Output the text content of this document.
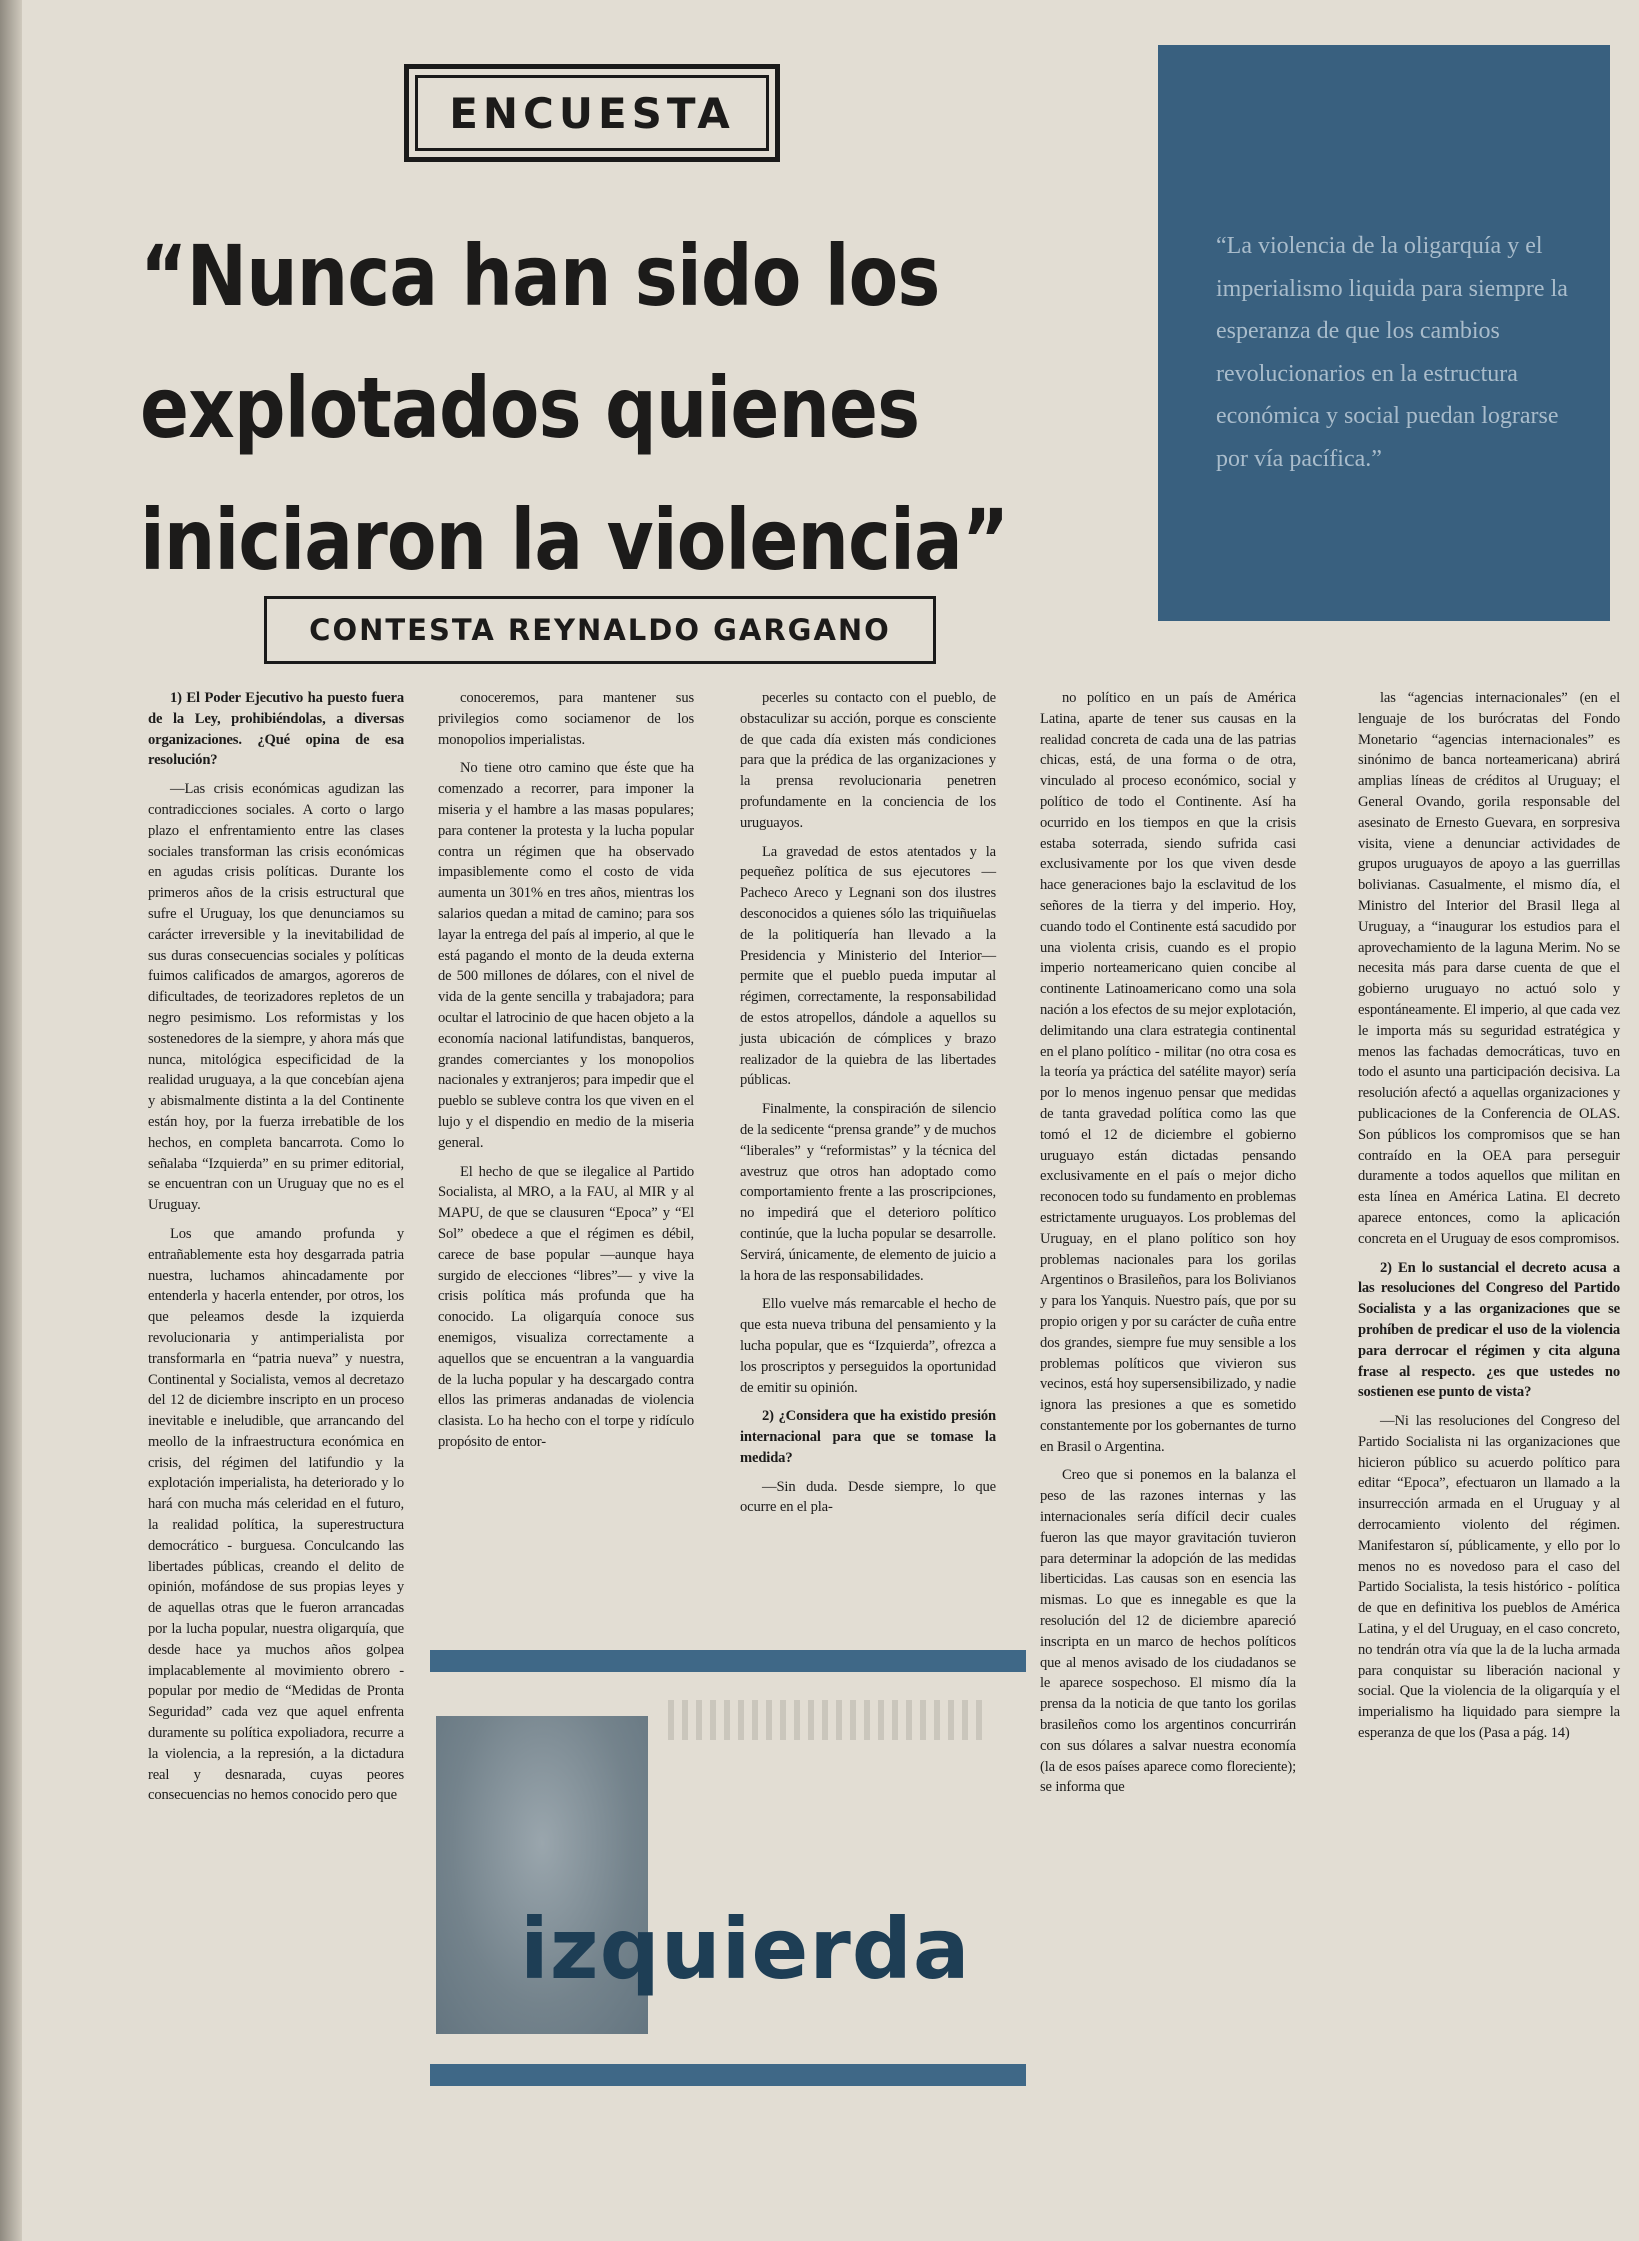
ENCUESTA
“Nunca han sido los
explotados quienes
iniciaron la violencia”
“La violencia de la oligarquía y el imperialismo liquida para siempre la esperanza de que los cambios revolucionarios en la estructura económica y social puedan lograrse por vía pacífica.”
CONTESTA REYNALDO GARGANO

1) El Poder Ejecutivo ha puesto fuera de la Ley, prohibiéndolas, a diversas organizaciones. ¿Qué opina de esa resolución?

—Las crisis económicas agudizan las contradicciones sociales. A corto o largo plazo el enfrentamiento entre las clases sociales transforman las crisis económicas en agudas crisis políticas. Durante los primeros años de la crisis estructural que sufre el Uruguay, los que denunciamos su carácter irreversible y la inevitabilidad de sus duras consecuencias sociales y políticas fuimos calificados de amargos, agoreros de dificultades, de teorizadores repletos de un negro pesimismo. Los reformistas y los sostenedores de la siempre, y ahora más que nunca, mitológica especificidad de la realidad uruguaya, a la que concebían ajena y abismalmente distinta a la del Continente están hoy, por la fuerza irrebatible de los hechos, en completa bancarrota. Como lo señalaba “Izquierda” en su primer editorial, se encuentran con un Uruguay que no es el Uruguay.

Los que amando profunda y entrañablemente esta hoy desgarrada patria nuestra, luchamos ahincadamente por entenderla y hacerla entender, por otros, los que peleamos desde la izquierda revolucionaria y antimperialista por transformarla en “patria nueva” y nuestra, Continental y Socialista, vemos al decretazo del 12 de diciembre inscripto en un proceso inevitable e ineludible, que arrancando del meollo de la infraestructura económica en crisis, del régimen del latifundio y la explotación imperialista, ha deteriorado y lo hará con mucha más celeridad en el futuro, la realidad política, la superestructura democrático - burguesa. Conculcando las libertades públicas, creando el delito de opinión, mofándose de sus propias leyes y de aquellas otras que le fueron arrancadas por la lucha popular, nuestra oligarquía, que desde hace ya muchos años golpea implacablemente al movimiento obrero - popular por medio de “Medidas de Pronta Seguridad” cada vez que aquel enfrenta duramente su política expoliadora, recurre a la violencia, a la represión, a la dictadura real y desnarada, cuyas peores consecuencias no hemos conocido pero que

conoceremos, para mantener sus privilegios como sociamenor de los monopolios imperialistas.

No tiene otro camino que éste que ha comenzado a recorrer, para imponer la miseria y el hambre a las masas populares; para contener la protesta y la lucha popular contra un régimen que ha observado impasiblemente como el costo de vida aumenta un 301% en tres años, mientras los salarios quedan a mitad de camino; para sos layar la entrega del país al imperio, al que le está pagando el monto de la deuda externa de 500 millones de dólares, con el nivel de vida de la gente sencilla y trabajadora; para ocultar el latrocinio de que hacen objeto a la economía nacional latifundistas, banqueros, grandes comerciantes y los monopolios nacionales y extranjeros; para impedir que el pueblo se subleve contra los que viven en el lujo y el dispendio en medio de la miseria general.

El hecho de que se ilegalice al Partido Socialista, al MRO, a la FAU, al MIR y al MAPU, de que se clausuren “Epoca” y “El Sol” obedece a que el régimen es débil, carece de base popular —aunque haya surgido de elecciones “libres”— y vive la crisis política más profunda que ha conocido. La oligarquía conoce sus enemigos, visualiza correctamente a aquellos que se encuentran a la vanguardia de la lucha popular y ha descargado contra ellos las primeras andanadas de violencia clasista. Lo ha hecho con el torpe y ridículo propósito de entor-

pecerles su contacto con el pueblo, de obstaculizar su acción, porque es consciente de que cada día existen más condiciones para que la prédica de las organizaciones y la prensa revolucionaria penetren profundamente en la conciencia de los uruguayos.

La gravedad de estos atentados y la pequeñez política de sus ejecutores —Pacheco Areco y Legnani son dos ilustres desconocidos a quienes sólo las triquiñuelas de la politiquería han llevado a la Presidencia y Ministerio del Interior— permite que el pueblo pueda imputar al régimen, correctamente, la responsabilidad de estos atropellos, dándole a aquellos su justa ubicación de cómplices y brazo realizador de la quiebra de las libertades públicas.

Finalmente, la conspiración de silencio de la sedicente “prensa grande” y de muchos “liberales” y “reformistas” y la técnica del avestruz que otros han adoptado como comportamiento frente a las proscripciones, no impedirá que el deterioro político continúe, que la lucha popular se desarrolle. Servirá, únicamente, de elemento de juicio a la hora de las responsabilidades.

Ello vuelve más remarcable el hecho de que esta nueva tribuna del pensamiento y la lucha popular, que es “Izquierda”, ofrezca a los proscriptos y perseguidos la oportunidad de emitir su opinión.

2) ¿Considera que ha existido presión internacional para que se tomase la medida?

—Sin duda. Desde siempre, lo que ocurre en el pla-

no político en un país de América Latina, aparte de tener sus causas en la realidad concreta de cada una de las patrias chicas, está, de una forma o de otra, vinculado al proceso económico, social y político de todo el Continente. Así ha ocurrido en los tiempos en que la crisis estaba soterrada, siendo sufrida casi exclusivamente por los que viven desde hace generaciones bajo la esclavitud de los señores de la tierra y del imperio. Hoy, cuando todo el Continente está sacudido por una violenta crisis, cuando es el propio imperio norteamericano quien concibe al continente Latinoamericano como una sola nación a los efectos de su mejor explotación, delimitando una clara estrategia continental en el plano político - militar (no otra cosa es la teoría ya práctica del satélite mayor) sería por lo menos ingenuo pensar que medidas de tanta gravedad política como las que tomó el 12 de diciembre el gobierno uruguayo están dictadas pensando exclusivamente en el país o mejor dicho reconocen todo su fundamento en problemas estrictamente uruguayos. Los problemas del Uruguay, en el plano político son hoy problemas nacionales para los gorilas Argentinos o Brasileños, para los Bolivianos y para los Yanquis. Nuestro país, que por su propio origen y por su carácter de cuña entre dos grandes, siempre fue muy sensible a los problemas políticos que vivieron sus vecinos, está hoy supersensibilizado, y nadie ignora las presiones a que es sometido constantemente por los gobernantes de turno en Brasil o Argentina.

Creo que si ponemos en la balanza el peso de las razones internas y las internacionales sería difícil decir cuales fueron las que mayor gravitación tuvieron para determinar la adopción de las medidas liberticidas. Las causas son en esencia las mismas. Lo que es innegable es que la resolución del 12 de diciembre apareció inscripta en un marco de hechos políticos que al menos avisado de los ciudadanos se le aparece sospechoso. El mismo día la prensa da la noticia de que tanto los gorilas brasileños como los argentinos concurrirán con sus dólares a salvar nuestra economía (la de esos países aparece como floreciente); se informa que

las “agencias internacionales” (en el lenguaje de los burócratas del Fondo Monetario “agencias internacionales” es sinónimo de banca norteamericana) abrirá amplias líneas de créditos al Uruguay; el General Ovando, gorila responsable del asesinato de Ernesto Guevara, en sorpresiva visita, viene a denunciar actividades de grupos uruguayos de apoyo a las guerrillas bolivianas. Casualmente, el mismo día, el Ministro del Interior del Brasil llega al Uruguay, a “inaugurar los estudios para el aprovechamiento de la laguna Merim. No se necesita más para darse cuenta de que el gobierno uruguayo no actuó solo y espontáneamente. El imperio, al que cada vez le importa más su seguridad estratégica y menos las fachadas democráticas, tuvo en todo el asunto una participación decisiva. La resolución afectó a aquellas organizaciones y publicaciones de la Conferencia de OLAS. Son públicos los compromisos que se han contraído en la OEA para perseguir duramente a todos aquellos que militan en esta línea en América Latina. El decreto aparece entonces, como la aplicación concreta en el Uruguay de esos compromisos.

2) En lo sustancial el decreto acusa a las resoluciones del Congreso del Partido Socialista y a las organizaciones que se prohíben de predicar el uso de la violencia para derrocar el régimen y cita alguna frase al respecto. ¿es que ustedes no sostienen ese punto de vista?

—Ni las resoluciones del Congreso del Partido Socialista ni las organizaciones que hicieron público su acuerdo político para editar “Epoca”, efectuaron un llamado a la insurrección armada en el Uruguay y al derrocamiento violento del régimen. Manifestaron sí, públicamente, y ello por lo menos no es novedoso para el caso del Partido Socialista, la tesis histórico - política de que en definitiva los pueblos de América Latina, y el del Uruguay, en el caso concreto, no tendrán otra vía que la de la lucha armada para conquistar su liberación nacional y social. Que la violencia de la oligarquía y el imperialismo ha liquidado para siempre la esperanza de que los (Pasa a pág. 14)

izquierda
